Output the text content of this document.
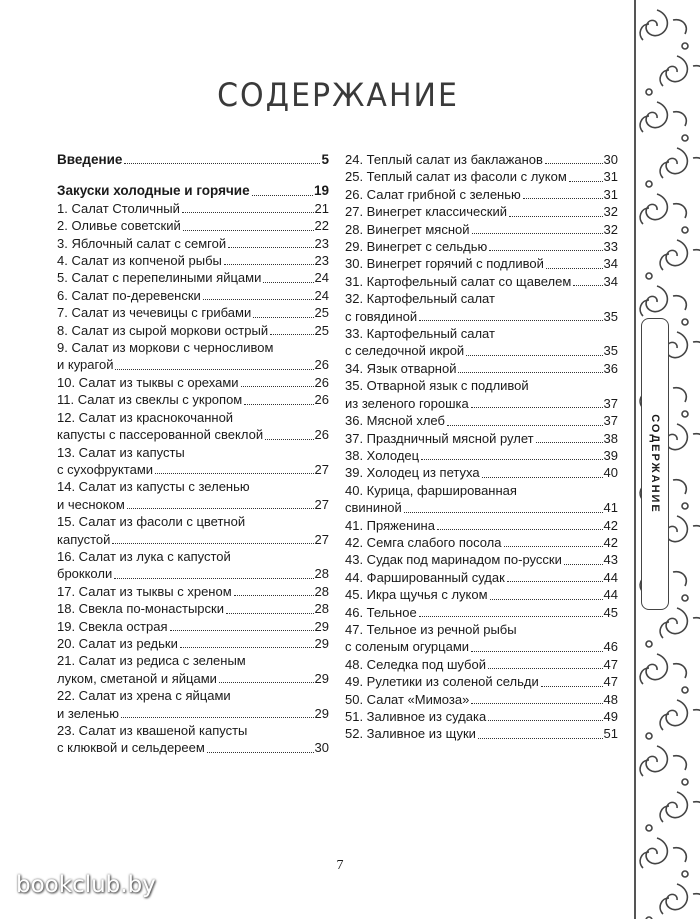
СОДЕРЖАНИЕ
Введение	5
Закуски холодные и горячие	19
1. Салат Столичный	21
2. Оливье советский	22
3. Яблочный салат с семгой	23
4. Салат из копченой рыбы	23
5. Салат с перепелиными яйцами	24
6. Салат по-деревенски	24
7. Салат из чечевицы с грибами	25
8. Салат из сырой моркови острый	25
9. Салат из моркови с черносливом
и курагой	26
10. Салат из тыквы с орехами	26
11. Салат из свеклы с укропом	26
12. Салат из краснокочанной
капусты с пассерованной свеклой	26
13. Салат из капусты
с сухофруктами	27
14. Салат из капусты с зеленью
и чесноком	27
15. Салат из фасоли с цветной
капустой	27
16. Салат из лука с капустой
брокколи	28
17. Салат из тыквы с хреном	28
18. Свекла по-монастырски	28
19. Свекла острая	29
20. Салат из редьки	29
21. Салат из редиса с зеленым
луком, сметаной и яйцами	29
22. Салат из хрена с яйцами
и зеленью	29
23. Салат из квашеной капусты
с клюквой и сельдереем	30
24. Теплый салат из баклажанов	30
25. Теплый салат из фасоли с луком	31
26. Салат грибной с зеленью	31
27. Винегрет классический	32
28. Винегрет мясной	32
29. Винегрет с сельдью	33
30. Винегрет горячий с подливой	34
31. Картофельный салат со щавелем 34
32. Картофельный салат
с говядиной	35
33. Картофельный салат
с селедочной икрой	35
34. Язык отварной	36
35. Отварной язык с подливой
из зеленого горошка	37
36. Мясной хлеб	37
37. Праздничный мясной рулет	38
38. Холодец	39
39. Холодец из петуха	40
40. Курица, фаршированная
свининой	41
41. Пряженина	42
42. Семга слабого посола	42
43. Судак под маринадом по-русски	43
44. Фаршированный судак	44
45. Икра щучья с луком	44
46. Тельное	45
47. Тельное из речной рыбы
с соленым огурцами	46
48. Селедка под шубой	47
49. Рулетики из соленой сельди	47
50. Салат «Мимоза»	48
51. Заливное из судака	49
52. Заливное из щуки	51
7
СОДЕРЖАНИЕ
bookclub.by
